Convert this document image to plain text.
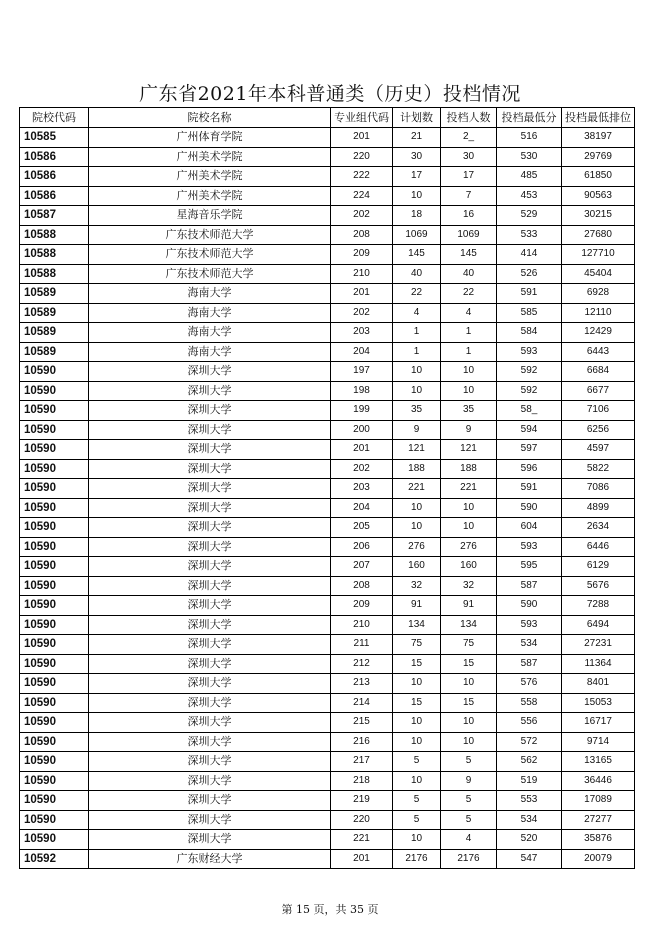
广东省2021年本科普通类（历史）投档情况
院校代码	院校名称	专业组代码	计划数	投档人数	投档最低分	投档最低排位
10585	广州体育学院	201	21	2_	516	38197
10586	广州美术学院	220	30	30	530	29769
10586	广州美术学院	222	17	17	485	61850
10586	广州美术学院	224	10	7	453	90563
10587	星海音乐学院	202	18	16	529	30215
10588	广东技术师范大学	208	1069	1069	533	27680
10588	广东技术师范大学	209	145	145	414	127710
10588	广东技术师范大学	210	40	40	526	45404
10589	海南大学	201	22	22	591	6928
10589	海南大学	202	4	4	585	12110
10589	海南大学	203	1	1	584	12429
10589	海南大学	204	1	1	593	6443
10590	深圳大学	197	10	10	592	6684
10590	深圳大学	198	10	10	592	6677
10590	深圳大学	199	35	35	58_	7106
10590	深圳大学	200	9	9	594	6256
10590	深圳大学	201	121	121	597	4597
10590	深圳大学	202	188	188	596	5822
10590	深圳大学	203	221	221	591	7086
10590	深圳大学	204	10	10	590	4899
10590	深圳大学	205	10	10	604	2634
10590	深圳大学	206	276	276	593	6446
10590	深圳大学	207	160	160	595	6129
10590	深圳大学	208	32	32	587	5676
10590	深圳大学	209	91	91	590	7288
10590	深圳大学	210	134	134	593	6494
10590	深圳大学	211	75	75	534	27231
10590	深圳大学	212	15	15	587	11364
10590	深圳大学	213	10	10	576	8401
10590	深圳大学	214	15	15	558	15053
10590	深圳大学	215	10	10	556	16717
10590	深圳大学	216	10	10	572	9714
10590	深圳大学	217	5	5	562	13165
10590	深圳大学	218	10	9	519	36446
10590	深圳大学	219	5	5	553	17089
10590	深圳大学	220	5	5	534	27277
10590	深圳大学	221	10	4	520	35876
10592	广东财经大学	201	2176	2176	547	20079
第 15 页，共 35 页
